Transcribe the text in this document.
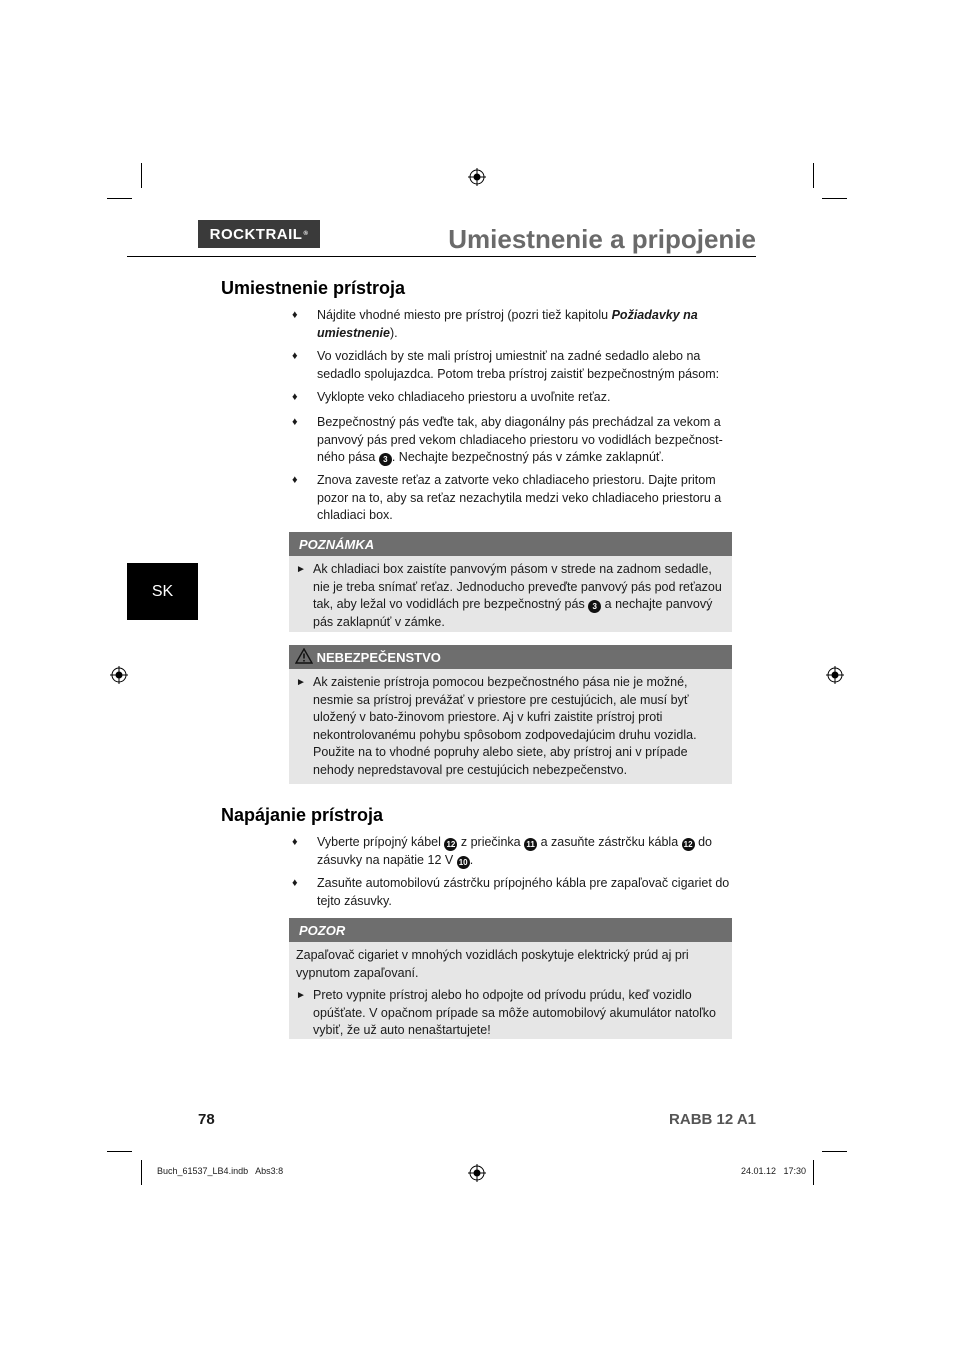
ROCKTRAIL ®	Umiestnenie a pripojenie
SK
Umiestnenie prístroja
♦ Nájdite vhodné miesto pre prístroj (pozri tiež kapitolu Požiadavky na umiestnenie).
♦ Vo vozidlách by ste mali prístroj umiestniť na zadné sedadlo alebo na sedadlo spolujazdca. Potom treba prístroj zaistiť bezpečnostným pásom:
♦ Vyklopte veko chladiaceho priestoru a uvoľnite reťaz.
♦ Bezpečnostný pás veďte tak, aby diagonálny pás prechádzal za vekom a panvový pás pred vekom chladiaceho priestoru vo vodidlách bezpečnost-ného pása 3 . Nechajte bezpečnostný pás v zámke zaklapnúť.
♦ Znova zaveste reťaz a zatvorte veko chladiaceho priestoru. Dajte pritom pozor na to, aby sa reťaz nezachytila medzi veko chladiaceho priestoru a chladiaci box.
POZNÁMKA
► Ak chladiaci box zaistíte panvovým pásom v strede na zadnom sedadle, nie je treba snímať reťaz. Jednoducho preveďte panvový pás pod reťazou tak, aby ležal vo vodidlách pre bezpečnostný pás 3 a nechajte panvový pás zaklapnúť v zámke.
NEBEZPEČENSTVO
► Ak zaistenie prístroja pomocou bezpečnostného pása nie je možné, nesmie sa prístroj prevážať v priestore pre cestujúcich, ale musí byť uložený v bato-žinovom priestore. Aj v kufri zaistite prístroj proti nekontrolovanému pohybu spôsobom zodpovedajúcim druhu vozidla. Použite na to vhodné popruhy alebo siete, aby prístroj ani v prípade nehody nepredstavoval pre cestujúcich nebezpečenstvo.
Napájanie prístroja
♦ Vyberte prípojný kábel 12 z priečinka 11 a zasuňte zástrčku kábla 12 do zásuvky na napätie 12 V 10 .
♦ Zasuňte automobilovú zástrčku prípojného kábla pre zapaľovač cigariet do tejto zásuvky.
POZOR
Zapaľovač cigariet v mnohých vozidlách poskytuje elektrický prúd aj pri vypnutom zapaľovaní.
► Preto vypnite prístroj alebo ho odpojte od prívodu prúdu, keď vozidlo opúšťate. V opačnom prípade sa môže automobilový akumulátor natoľko vybiť, že už auto nenaštartujete!
78	RABB 12 A1
Buch_61537_LB4.indb   Abs3:8	24.01.12   17:30
